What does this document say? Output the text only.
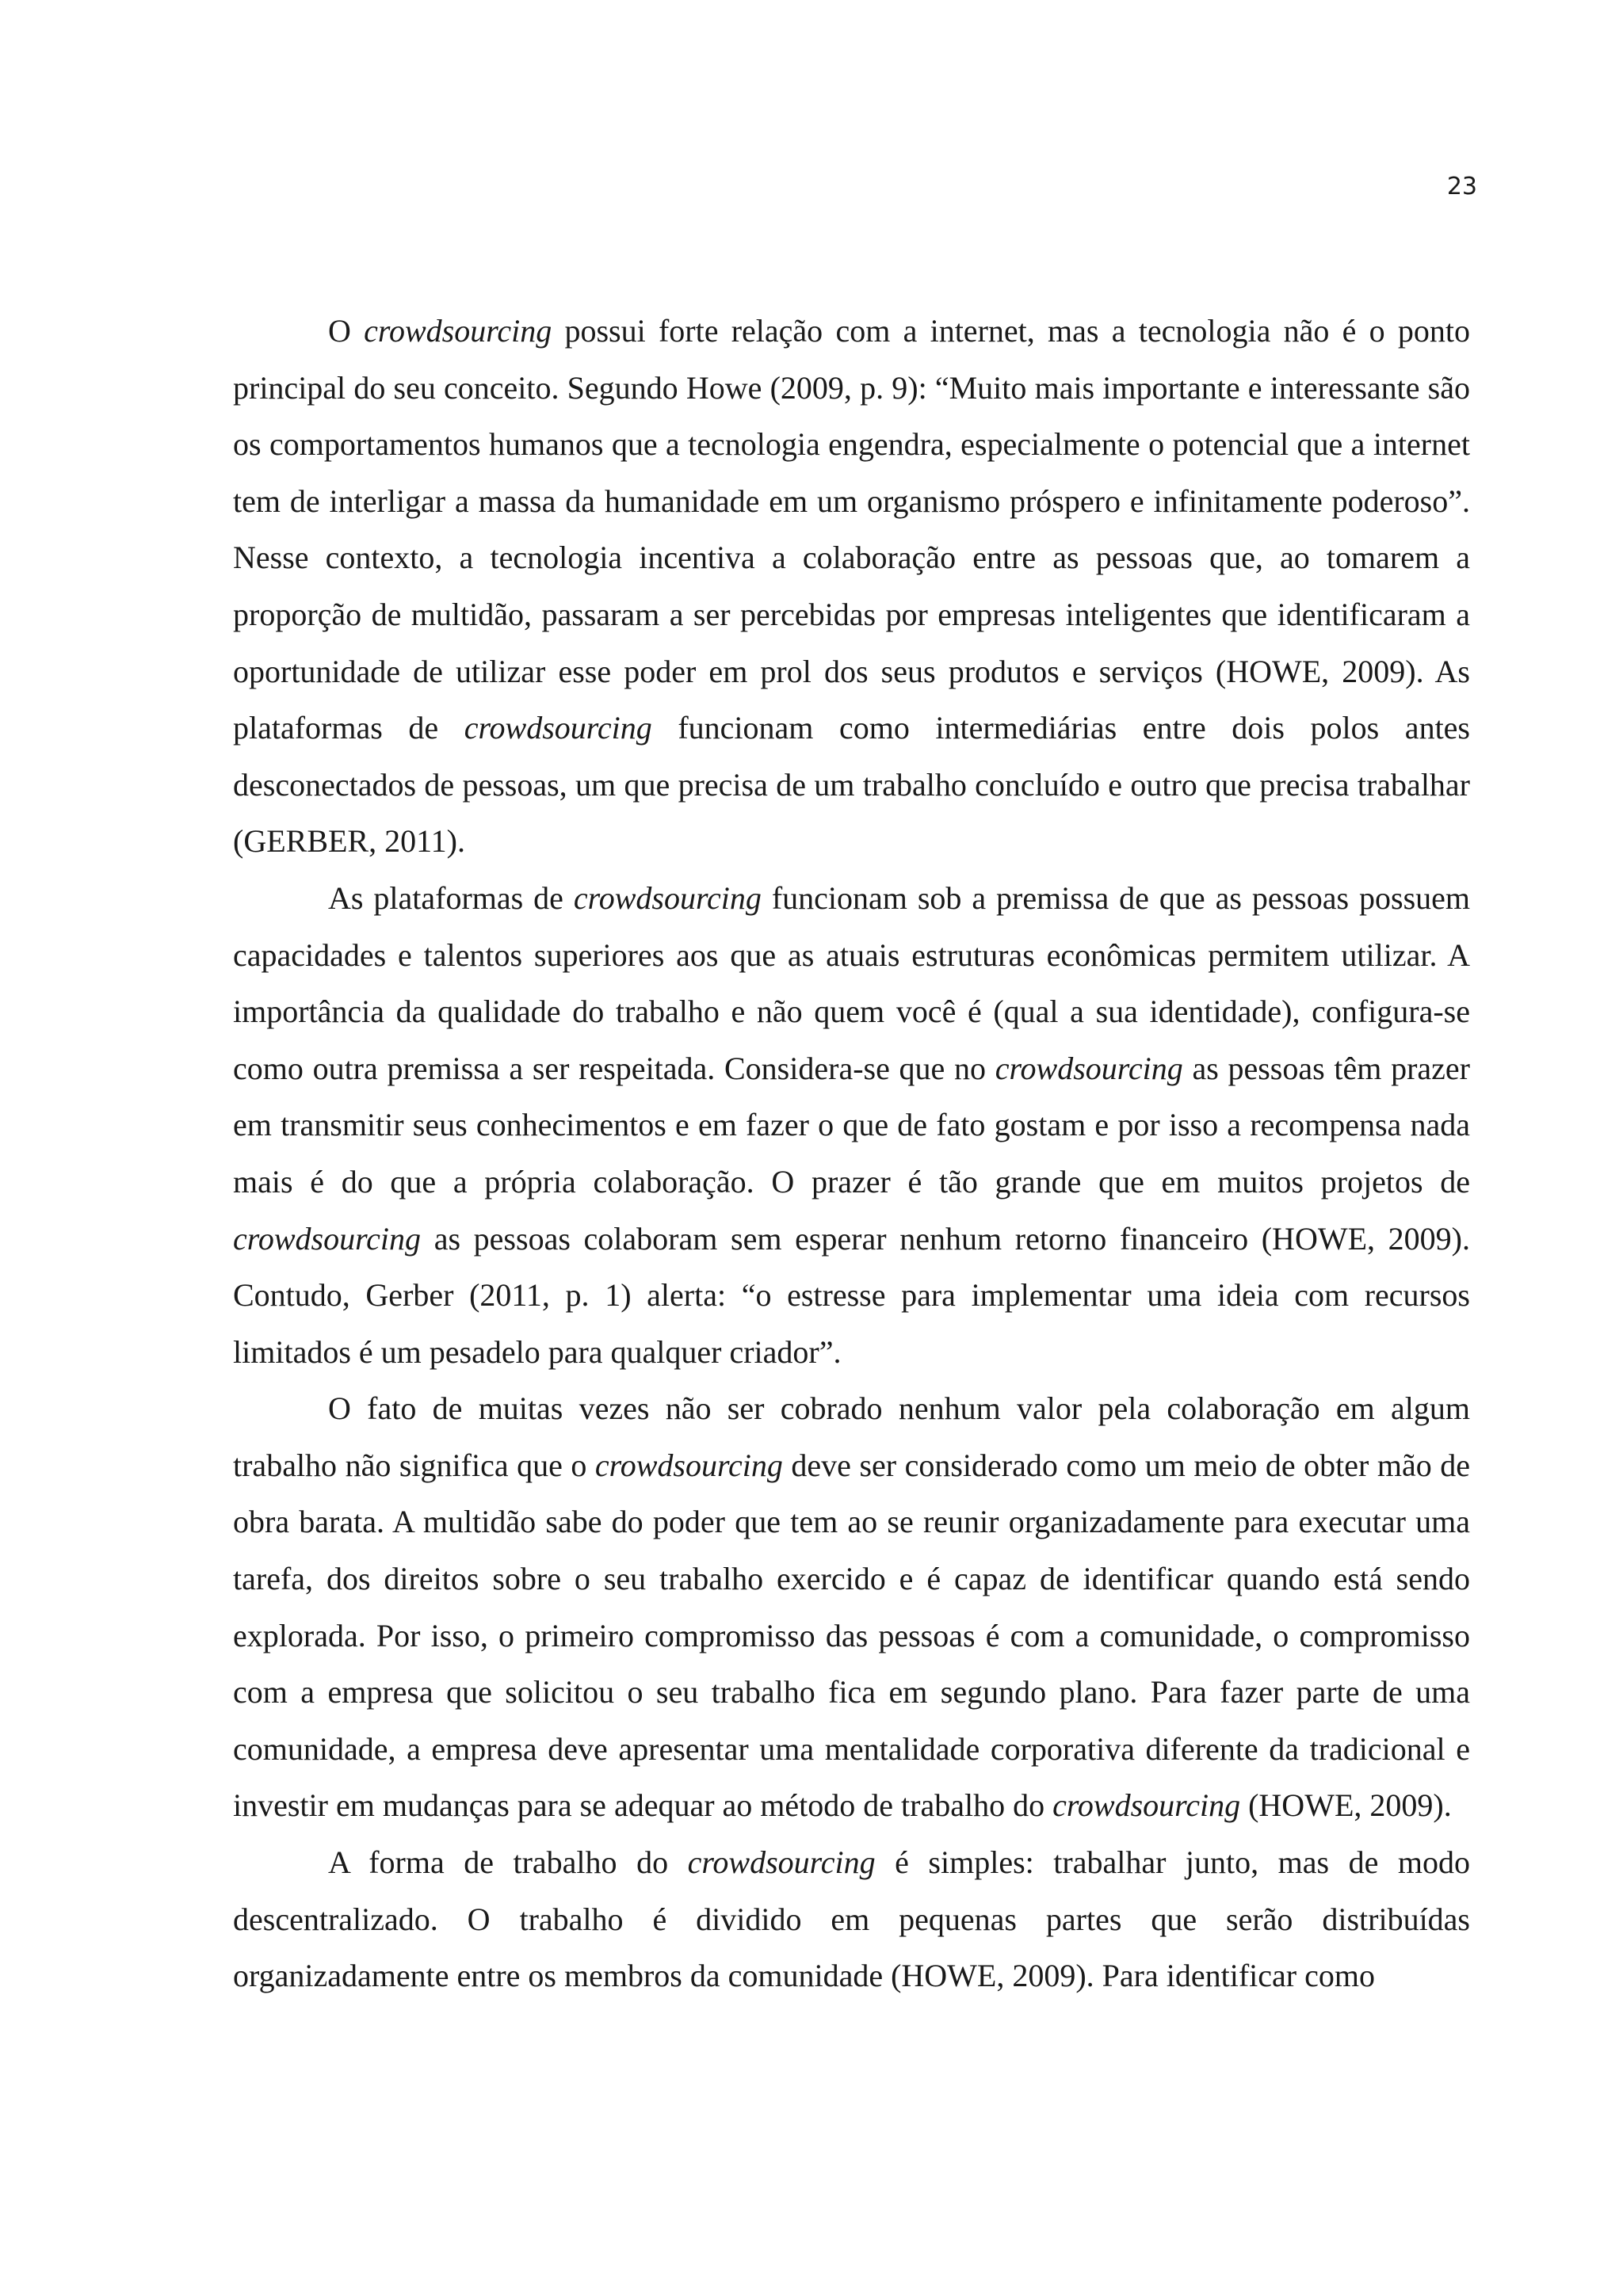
23

O crowdsourcing possui forte relação com a internet, mas a tecnologia não é o ponto principal do seu conceito. Segundo Howe (2009, p. 9): “Muito mais importante e interessante são os comportamentos humanos que a tecnologia engendra, especialmente o potencial que a internet tem de interligar a massa da humanidade em um organismo próspero e infinitamente poderoso”. Nesse contexto, a tecnologia incentiva a colaboração entre as pessoas que, ao tomarem a proporção de multidão, passaram a ser percebidas por empresas inteligentes que identificaram a oportunidade de utilizar esse poder em prol dos seus produtos e serviços (HOWE, 2009). As plataformas de crowdsourcing funcionam como intermediárias entre dois polos antes desconectados de pessoas, um que precisa de um trabalho concluído e outro que precisa trabalhar (GERBER, 2011).

As plataformas de crowdsourcing funcionam sob a premissa de que as pessoas possuem capacidades e talentos superiores aos que as atuais estruturas econômicas permitem utilizar. A importância da qualidade do trabalho e não quem você é (qual a sua identidade), configura-se como outra premissa a ser respeitada. Considera-se que no crowdsourcing as pessoas têm prazer em transmitir seus conhecimentos e em fazer o que de fato gostam e por isso a recompensa nada mais é do que a própria colaboração. O prazer é tão grande que em muitos projetos de crowdsourcing as pessoas colaboram sem esperar nenhum retorno financeiro (HOWE, 2009). Contudo, Gerber (2011, p. 1) alerta: “o estresse para implementar uma ideia com recursos limitados é um pesadelo para qualquer criador”.

O fato de muitas vezes não ser cobrado nenhum valor pela colaboração em algum trabalho não significa que o crowdsourcing deve ser considerado como um meio de obter mão de obra barata. A multidão sabe do poder que tem ao se reunir organizadamente para executar uma tarefa, dos direitos sobre o seu trabalho exercido e é capaz de identificar quando está sendo explorada. Por isso, o primeiro compromisso das pessoas é com a comunidade, o compromisso com a empresa que solicitou o seu trabalho fica em segundo plano. Para fazer parte de uma comunidade, a empresa deve apresentar uma mentalidade corporativa diferente da tradicional e investir em mudanças para se adequar ao método de trabalho do crowdsourcing (HOWE, 2009).

A forma de trabalho do crowdsourcing é simples: trabalhar junto, mas de modo descentralizado. O trabalho é dividido em pequenas partes que serão distribuídas organizadamente entre os membros da comunidade (HOWE, 2009). Para identificar como
